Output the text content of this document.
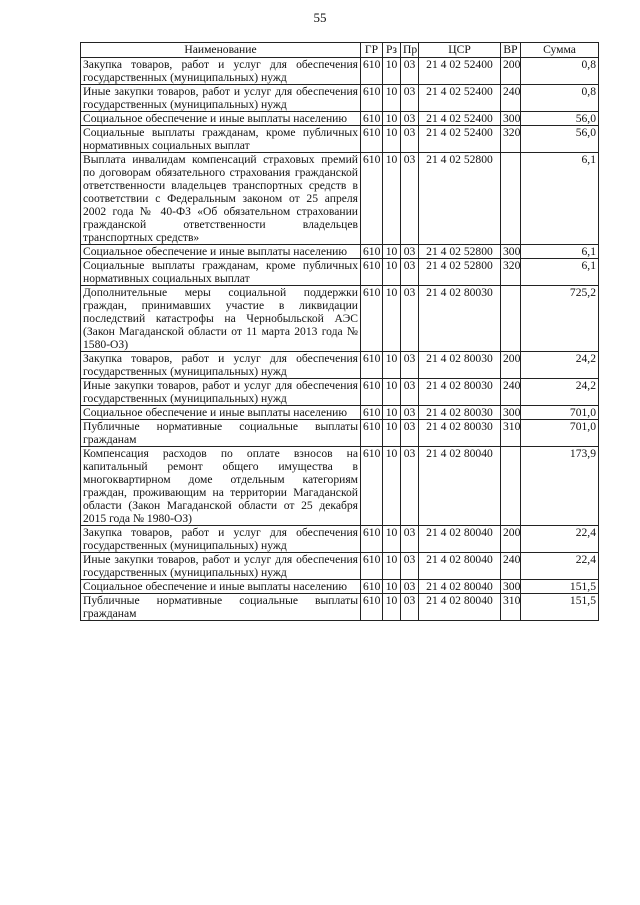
55
Наименование	ГР	Рз	Пр	ЦСР	ВР	Сумма
Закупка товаров, работ и услуг для обеспечения государственных (муниципальных) нужд	610	10	03	21 4 02 52400	200	0,8
Иные закупки товаров, работ и услуг для обеспечения государственных (муниципальных) нужд	610	10	03	21 4 02 52400	240	0,8
Социальное обеспечение и иные выплаты населению	610	10	03	21 4 02 52400	300	56,0
Социальные выплаты гражданам, кроме публичных нормативных социальных выплат	610	10	03	21 4 02 52400	320	56,0
Выплата инвалидам компенсаций страховых премий по договорам обязательного страхования гражданской ответственности владельцев транспортных средств в соответствии с Федеральным законом от 25 апреля 2002 года № 40-ФЗ «Об обязательном страховании гражданской ответственности владельцев транспортных средств»	610	10	03	21 4 02 52800		6,1
Социальное обеспечение и иные выплаты населению	610	10	03	21 4 02 52800	300	6,1
Социальные выплаты гражданам, кроме публичных нормативных социальных выплат	610	10	03	21 4 02 52800	320	6,1
Дополнительные меры социальной поддержки граждан, принимавших участие в ликвидации последствий катастрофы на Чернобыльской АЭС (Закон Магаданской области от 11 марта 2013 года № 1580-ОЗ)	610	10	03	21 4 02 80030		725,2
Закупка товаров, работ и услуг для обеспечения государственных (муниципальных) нужд	610	10	03	21 4 02 80030	200	24,2
Иные закупки товаров, работ и услуг для обеспечения государственных (муниципальных) нужд	610	10	03	21 4 02 80030	240	24,2
Социальное обеспечение и иные выплаты населению	610	10	03	21 4 02 80030	300	701,0
Публичные нормативные социальные выплаты гражданам	610	10	03	21 4 02 80030	310	701,0
Компенсация расходов по оплате взносов на капитальный ремонт общего имущества в многоквартирном доме отдельным категориям граждан, проживающим на территории Магаданской области (Закон Магаданской области от 25 декабря 2015 года № 1980-ОЗ)	610	10	03	21 4 02 80040		173,9
Закупка товаров, работ и услуг для обеспечения государственных (муниципальных) нужд	610	10	03	21 4 02 80040	200	22,4
Иные закупки товаров, работ и услуг для обеспечения государственных (муниципальных) нужд	610	10	03	21 4 02 80040	240	22,4
Социальное обеспечение и иные выплаты населению	610	10	03	21 4 02 80040	300	151,5
Публичные нормативные социальные выплаты гражданам	610	10	03	21 4 02 80040	310	151,5
